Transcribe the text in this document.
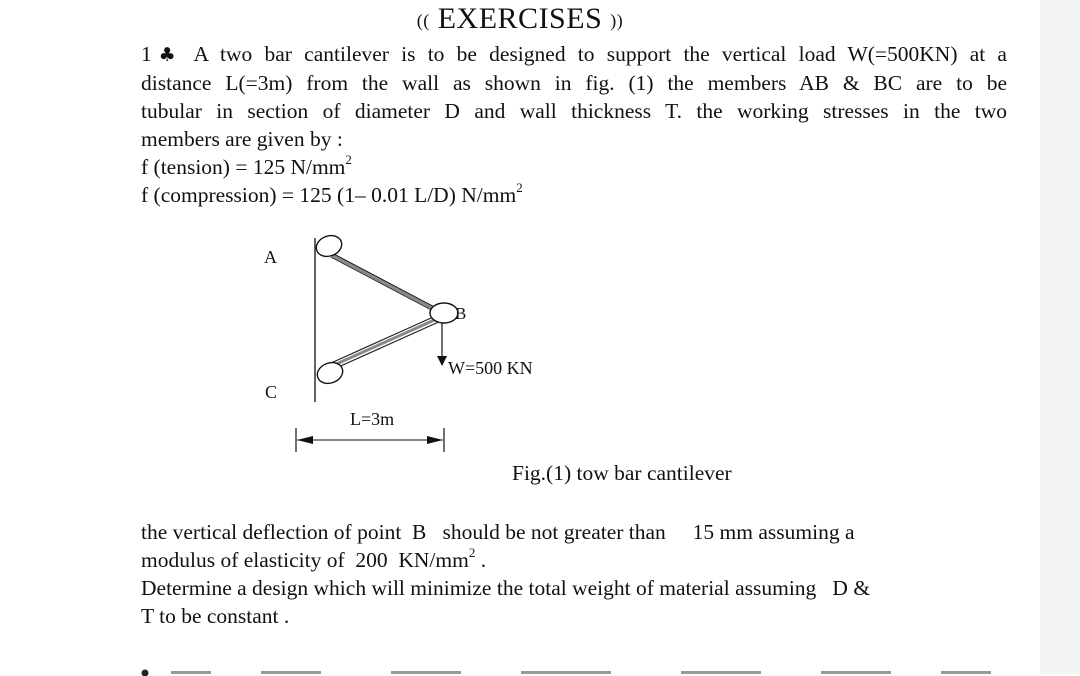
(( EXERCISES ))
1♣ A two bar cantilever is to be designed to support the vertical load W(=500KN) at a
distance L(=3m) from the wall as shown in fig. (1) the members AB & BC are to be
tubular in section of diameter D and wall thickness T. the working stresses in the two
members are given by :
f (tension) = 125 $N/mm^2$
f (compression) = 125 (1– 0.01 L/D) $N/mm^2$
A
B
C
W=500 KN
L=3m
Fig.(1) tow bar cantilever
the vertical deflection of point  B   should be not greater than     15 mm assuming a
modulus of elasticity of  200  $KN/mm^2$ .
Determine a design which will minimize the total weight of material assuming   D &
T to be constant .
